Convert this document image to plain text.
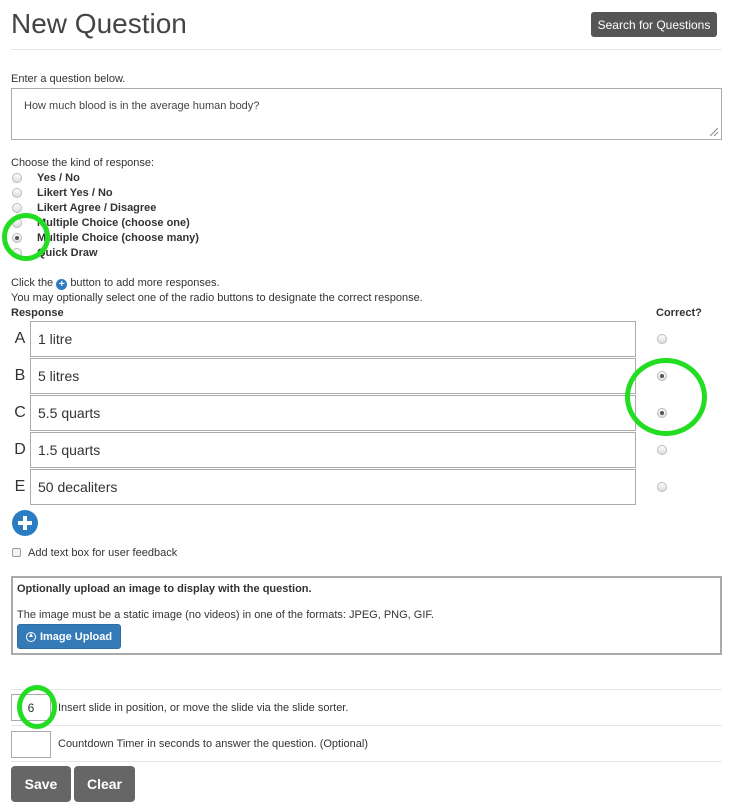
New Question	Search for Questions
Enter a question below.
How much blood is in the average human body?
Choose the kind of response:
Yes / No
Likert Yes / No
Likert Agree / Disagree
Multiple Choice (choose one)
Multiple Choice (choose many)
Quick Draw
Click the + button to add more responses.
You may optionally select one of the radio buttons to designate the correct response.
Response	Correct?
A 1 litre
B 5 litres
C 5.5 quarts
D 1.5 quarts
E 50 decaliters
Add text box for user feedback
Optionally upload an image to display with the question.
The image must be a static image (no videos) in one of the formats: JPEG, PNG, GIF.
Image Upload
6 Insert slide in position, or move the slide via the slide sorter.
Countdown Timer in seconds to answer the question. (Optional)
Save	Clear
